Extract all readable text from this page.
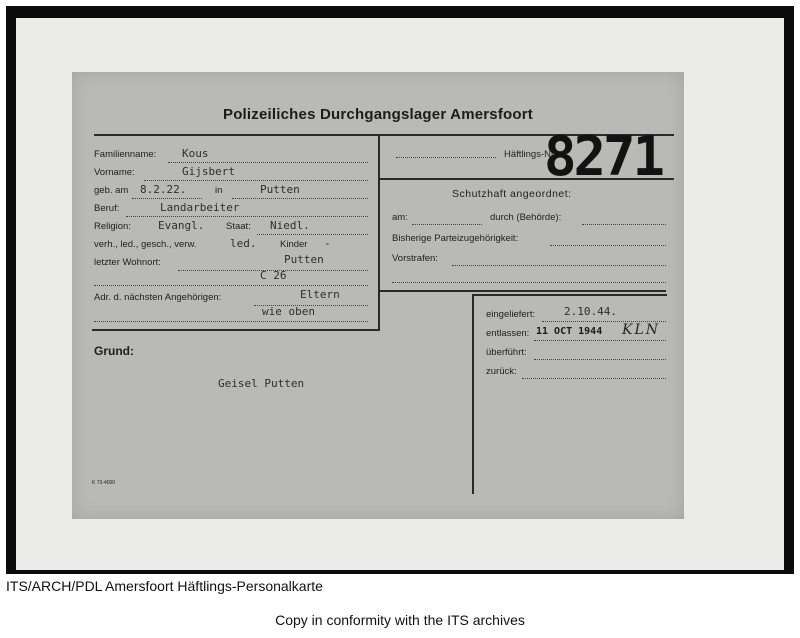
Polizeiliches Durchgangslager Amersfoort
Familienname: Kous
Vorname:	Gijsbert
geb. am 8.2.22.	in	Putten
Beruf:	Landarbeiter
Religion: Evangl. Staat: Niedl.
verh., led., gesch., verw.	led. Kinder -
letzter Wohnort:	Putten
C 26
Adr. d. nächsten Angehörigen:	Eltern
wie oben
Häftlings-Nr
8271
Schutzhaft angeordnet:
am:	durch (Behörde):
Bisherige Parteizugehörigkeit:
Vorstrafen:
eingeliefert:	2.10.44.
entlassen: 11 OCT 1944 KLN
überführt:
zurück:
Grund:
Geisel Putten
K 73-4000
ITS/ARCH/PDL Amersfoort Häftlings-Personalkarte
Copy in conformity with the ITS archives
